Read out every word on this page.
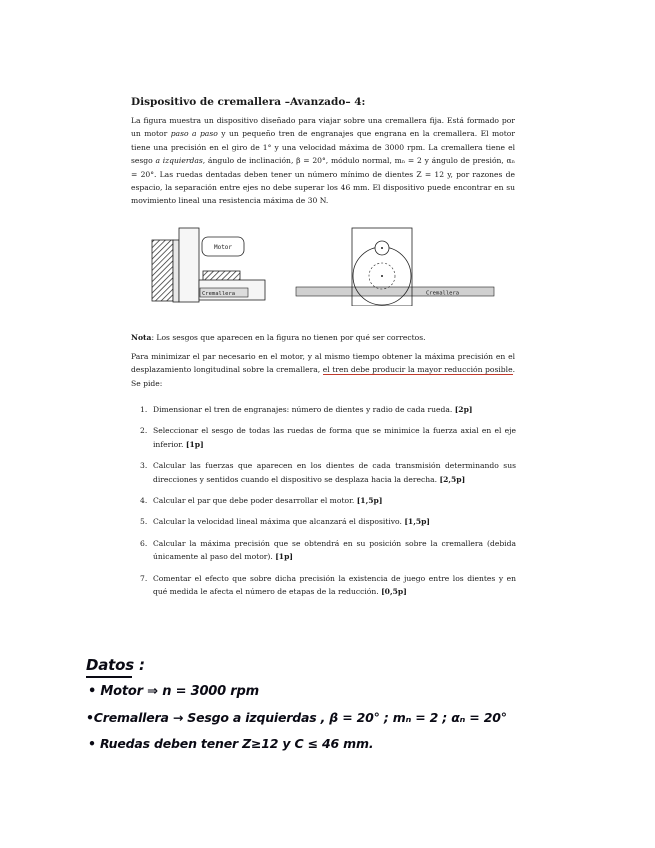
Dispositivo de cremallera –Avanzado– 4:

La figura muestra un dispositivo diseñado para viajar sobre una cremallera fija. Está formado por un motor paso a paso y un pequeño tren de engranajes que engrana en la cremallera. El motor tiene una precisión en el giro de 1° y una velocidad máxima de 3000 rpm. La cremallera tiene el sesgo a izquierdas, ángulo de inclinación, β = 20°, módulo normal, mₙ = 2 y ángulo de presión, αₙ = 20°. Las ruedas dentadas deben tener un número mínimo de dientes Z = 12 y, por razones de espacio, la separación entre ejes no debe superar los 46 mm. El dispositivo puede encontrar en su movimiento lineal una resistencia máxima de 30 N.

Motor
Cremallera	Cremallera

Nota: Los sesgos que aparecen en la figura no tienen por qué ser correctos.

Para minimizar el par necesario en el motor, y al mismo tiempo obtener la máxima precisión en el desplazamiento longitudinal sobre la cremallera, el tren debe producir la mayor reducción posible. Se pide:

1. Dimensionar el tren de engranajes: número de dientes y radio de cada rueda. [2p]
2. Seleccionar el sesgo de todas las ruedas de forma que se minimice la fuerza axial en el eje inferior. [1p]
3. Calcular las fuerzas que aparecen en los dientes de cada transmisión determinando sus direcciones y sentidos cuando el dispositivo se desplaza hacia la derecha. [2,5p]
4. Calcular el par que debe poder desarrollar el motor. [1,5p]
5. Calcular la velocidad lineal máxima que alcanzará el dispositivo. [1,5p]
6. Calcular la máxima precisión que se obtendrá en su posición sobre la cremallera (debida únicamente al paso del motor). [1p]
7. Comentar el efecto que sobre dicha precisión la existencia de juego entre los dientes y en qué medida le afecta el número de etapas de la reducción. [0,5p]
Datos :
• Motor ⇒ n = 3000 rpm
•Cremallera → Sesgo a izquierdas , β = 20° ; mₙ = 2 ; αₙ = 20°
• Ruedas deben tener Z≥12 y C ≤ 46 mm.
